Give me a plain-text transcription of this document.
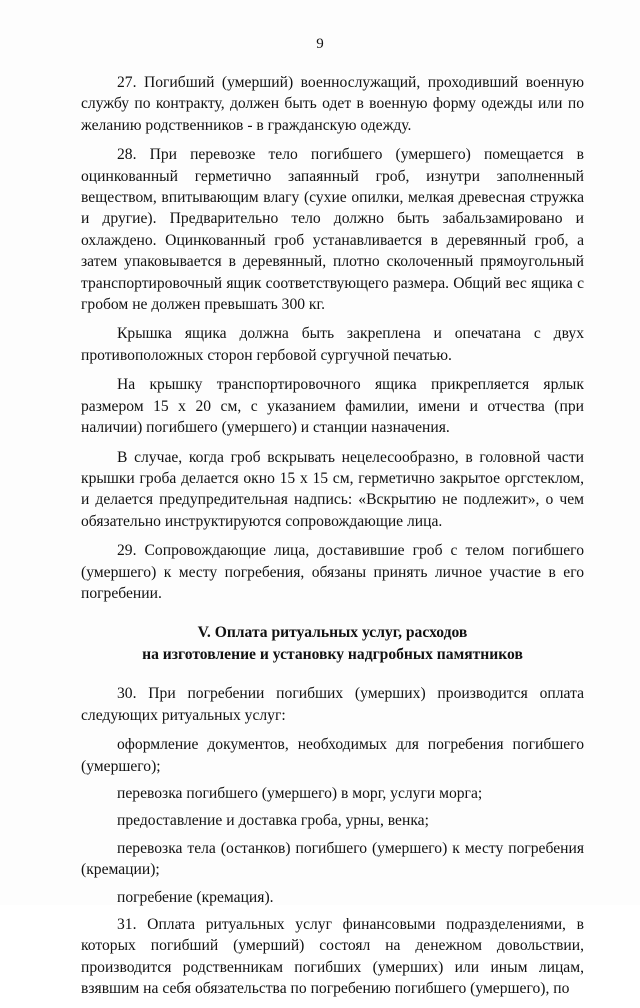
9

27. Погибший (умерший) военнослужащий, проходивший военную службу по контракту, должен быть одет в военную форму одежды или по желанию родственников - в гражданскую одежду.

28. При перевозке тело погибшего (умершего) помещается в оцинкованный герметично запаянный гроб, изнутри заполненный веществом, впитывающим влагу (сухие опилки, мелкая древесная стружка и другие). Предварительно тело должно быть забальзамировано и охлаждено. Оцинкованный гроб устанавливается в деревянный гроб, а затем упаковывается в деревянный, плотно сколоченный прямоугольный транспортировочный ящик соответствующего размера. Общий вес ящика с гробом не должен превышать 300 кг.

Крышка ящика должна быть закреплена и опечатана с двух противоположных сторон гербовой сургучной печатью.

На крышку транспортировочного ящика прикрепляется ярлык размером 15 х 20 см, с указанием фамилии, имени и отчества (при наличии) погибшего (умершего) и станции назначения.

В случае, когда гроб вскрывать нецелесообразно, в головной части крышки гроба делается окно 15 х 15 см, герметично закрытое оргстеклом, и делается предупредительная надпись: «Вскрытию не подлежит», о чем обязательно инструктируются сопровождающие лица.

29. Сопровождающие лица, доставившие гроб с телом погибшего (умершего) к месту погребения, обязаны принять личное участие в его погребении.

V. Оплата ритуальных услуг, расходов
на изготовление и установку надгробных памятников

30. При погребении погибших (умерших) производится оплата следующих ритуальных услуг:

оформление документов, необходимых для погребения погибшего (умершего);

перевозка погибшего (умершего) в морг, услуги морга;

предоставление и доставка гроба, урны, венка;

перевозка тела (останков) погибшего (умершего) к месту погребения (кремации);

погребение (кремация).

31. Оплата ритуальных услуг финансовыми подразделениями, в которых погибший (умерший) состоял на денежном довольствии, производится родственникам погибших (умерших) или иным лицам, взявшим на себя обязательства по погребению погибшего (умершего), по
